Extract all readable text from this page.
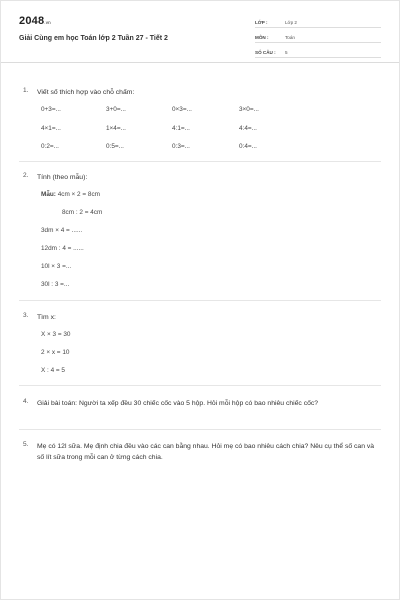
2048.vn
Giải Cùng em học Toán lớp 2 Tuần 27 - Tiết 2
LỚP :	Lớp 2
MÔN :	Toán
SỐ CÂU :	5
1. Viết số thích hợp vào chỗ chấm:
0+3=...	3+0=...	0×3=...	3×0=...
4×1=...	1×4=...	4:1=...	4:4=...
0:2=...	0:5=...	0:3=...	0:4=...
2. Tính (theo mẫu):
Mẫu: 4cm × 2 = 8cm
8cm : 2 = 4cm
3dm × 4 = ......
12dm : 4 = ......
10l × 3 =...
30l : 3 =...
3. Tìm x:
X × 3 = 30
2 × x = 10
X : 4 = 5
4. Giải bài toán: Người ta xếp đều 30 chiếc cốc vào 5 hộp. Hỏi mỗi hộp có bao nhiêu chiếc cốc?
5. Mẹ có 12l sữa. Mẹ định chia đều vào các can bằng nhau. Hỏi mẹ có bao nhiêu cách chia? Nêu cụ thể số can và số lít sữa trong mỗi can ở từng cách chia.
